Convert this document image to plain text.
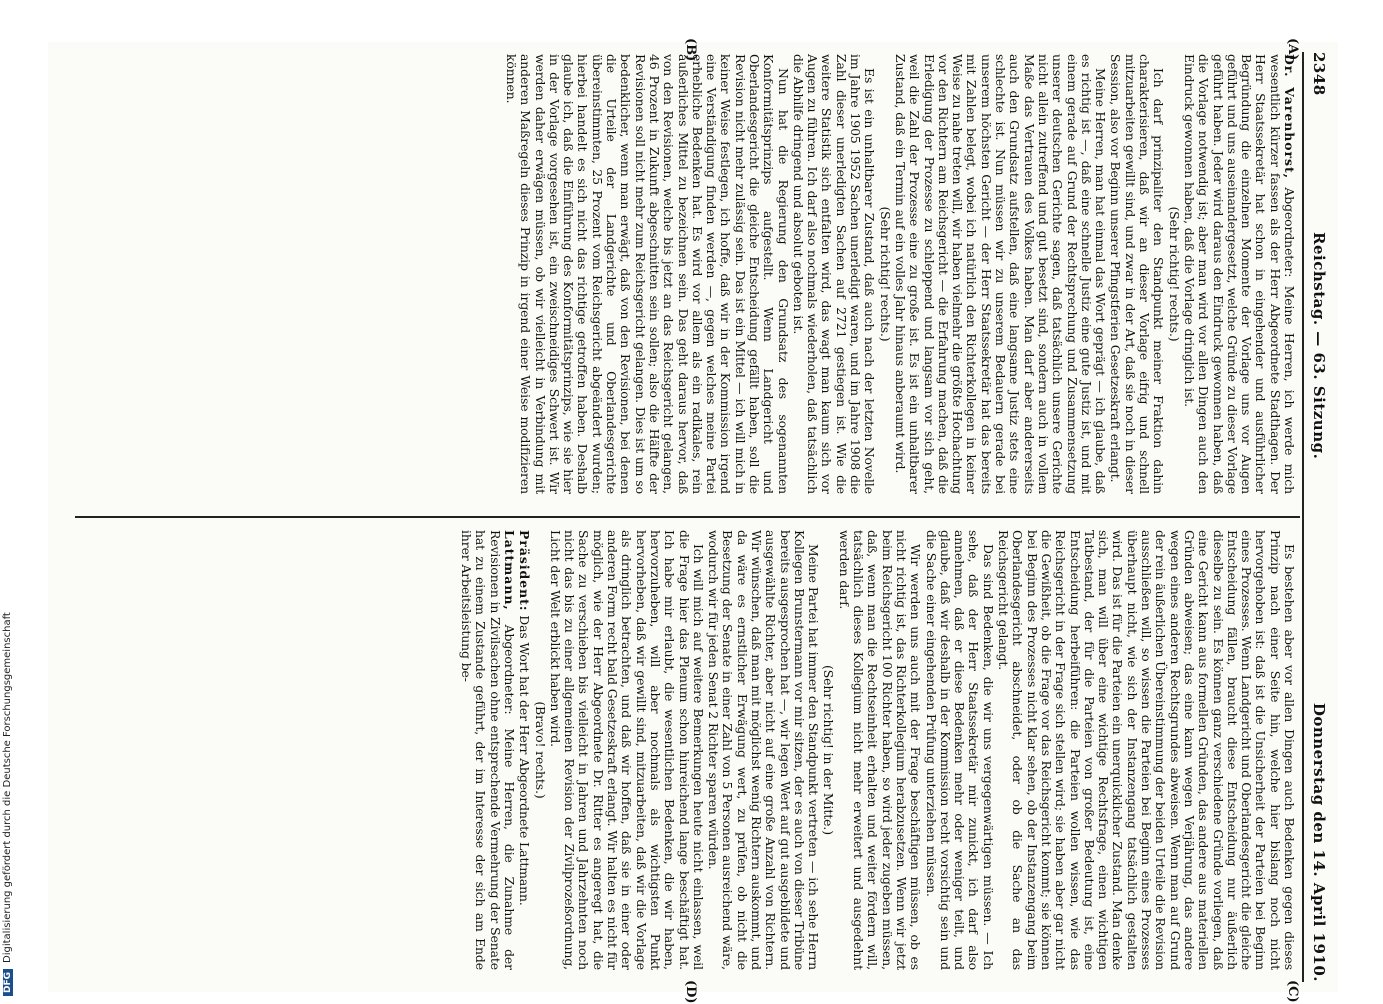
2348
Reichstag. — 63. Sitzung.
Donnerstag den 14. April 1910.
(A)
(B)
(C)
(D)

Dr. Varenhorst, Abgeordneter: Meine Herren, ich werde mich wesentlich kürzer fassen als der Herr Abgeordnete Stadthagen. Der Herr Staatssekretär hat schon in eingehender und ausführlicher Begründung die einzelnen Momente der Vorlage uns vor Augen geführt und uns auseinandergesetzt, welche Gründe zu dieser Vorlage geführt haben. Jeder wird daraus den Eindruck gewonnen haben, daß die Vorlage notwendig ist; aber man wird vor allen Dingen auch den Eindruck gewonnen haben, daß die Vorlage dringlich ist.

(Sehr richtig! rechts.)

Ich darf prinzipaliter den Standpunkt meiner Fraktion dahin charakterisieren, daß wir an dieser Vorlage eifrig und schnell mitzuarbeiten gewillt sind, und zwar in der Art, daß sie noch in dieser Session, also vor Beginn unserer Pfingstferien Gesetzeskraft erlangt.

Meine Herren, man hat einmal das Wort geprägt — ich glaube, daß es richtig ist —, daß eine schnelle Justiz eine gute Justiz ist, und mit einem gerade auf Grund der Rechtsprechung und Zusammensetzung unserer deutschen Gerichte sagen, daß tatsächlich unsere Gerichte nicht allein zutreffend und gut besetzt sind, sondern auch in vollem Maße das Vertrauen des Volkes haben. Man darf aber andererseits auch den Grundsatz aufstellen, daß eine langsame Justiz stets eine schlechte ist. Nun müssen wir zu unserem Bedauern gerade bei unserem höchsten Gericht — der Herr Staatssekretär hat das bereits mit Zahlen belegt, wobei ich natürlich den Richterkollegen in keiner Weise zu nahe treten will, wir haben vielmehr die größte Hochachtung vor den Richtern am Reichsgericht — die Erfahrung machen, daß die Erledigung der Prozesse zu schleppend und langsam vor sich geht, weil die Zahl der Prozesse eine zu große ist. Es ist ein unhaltbarer Zustand, daß ein Termin auf ein volles Jahr hinaus anberaumt wird.

(Sehr richtig! rechts.)

Es ist ein unhaltbarer Zustand, daß auch nach der letzten Novelle im Jahre 1905 1952 Sachen unerledigt waren, und im Jahre 1908 die Zahl dieser unerledigten Sachen auf 2721 gestiegen ist. Wie die weitere Statistik sich entfalten wird, das wagt man kaum sich vor Augen zu führen. Ich darf also nochmals wiederholen, daß tatsächlich die Abhilfe dringend und absolut geboten ist.

Nun hat die Regierung den Grundsatz des sogenannten Konformitätsprinzips aufgestellt. Wenn Landgericht und Oberlandesgericht die gleiche Entscheidung gefällt haben, soll die Revision nicht mehr zulässig sein. Das ist ein Mittel — ich will mich in keiner Weise festlegen, ich hoffe, daß wir in der Kommission irgend eine Verständigung finden werden —, gegen welches meine Partei erhebliche Bedenken hat. Es wird vor allem als ein radikales, rein äußerliches Mittel zu bezeichnen sein. Das geht daraus hervor, daß von den Revisionen, welche bis jetzt an das Reichsgericht gelangen, 46 Prozent in Zukunft abgeschnitten sein sollen; also die Hälfte der Revisionen soll nicht mehr zum Reichsgericht gelangen. Dies ist um so bedenklicher, wenn man erwägt, daß von den Revisionen, bei denen die Urteile der Landgerichte und Oberlandesgerichte übereinstimmten, 25 Prozent vom Reichsgericht abgeändert wurden; hierbei handelt es sich nicht das richtige getroffen haben. Deshalb glaube ich, daß die Einführung des Konformitätsprinzips, wie sie hier in der Vorlage vorgesehen ist, ein zweischneidiges Schwert ist. Wir werden daher erwägen müssen, ob wir vielleicht in Verbindung mit anderen Maßregeln dieses Prinzip in irgend einer Weise modifizieren können.

Es bestehen aber vor allen Dingen auch Bedenken gegen dieses Prinzip nach einer Seite hin, welche hier bislang noch nicht hervorgehoben ist: daß ist die Unsicherheit der Parteien bei Beginn eines Prozesses. Wenn Landgericht und Oberlandesgericht die gleiche Entscheidung fällen, braucht diese Entscheidung nur äußerlich dieselbe zu sein. Es können ganz verschiedene Gründe vorliegen, daß eine Gericht kann aus formellen Gründen, das andere aus materiellen Gründen abweisen; das eine kann wegen Verjährung, das andere wegen eines anderen Rechtsgrundes abweisen. Wenn man auf Grund der rein äußerlichen Übereinstimmung der beiden Urteile die Revision ausschließen will, so wissen die Parteien bei Beginn eines Prozesses überhaupt nicht, wie sich der Instanzengang tatsächlich gestalten wird. Das ist für die Parteien ein unerquicklicher Zustand. Man denke sich, man will über eine wichtige Rechtsfrage, einen wichtigen Tatbestand, der für die Parteien von großer Bedeutung ist, eine Entscheidung herbeiführen: die Parteien wollen wissen, wie das Reichsgericht in der Frage sich stellen wird; sie haben aber gar nicht die Gewißheit, ob die Frage vor das Reichsgericht kommt; sie können bei Beginn des Prozesses nicht klar sehen, ob der Instanzengang beim Oberlandesgericht abschneidet, oder ob die Sache an das Reichsgericht gelangt.

Das sind Bedenken, die wir uns vergegenwärtigen müssen. — Ich sehe, daß der Herr Staatssekretär mir zunickt, ich darf also annehmen, daß er diese Bedenken mehr oder weniger teilt, und glaube, daß wir deshalb in der Kommission recht vorsichtig sein und die Sache einer eingehenden Prüfung unterziehen müssen.

Wir werden uns auch mit der Frage beschäftigen müssen, ob es nicht richtig ist, das Richterkollegium herabzusetzen. Wenn wir jetzt beim Reichsgericht 100 Richter haben, so wird jeder zugeben müssen, daß, wenn man die Rechtseinheit erhalten und weiter fördern will, tatsächlich dieses Kollegium nicht mehr erweitert und ausgedehnt werden darf.

(Sehr richtig! in der Mitte.)

Meine Partei hat immer den Standpunkt vertreten — ich sehe Herrn Kollegen Brunstermann vor mir sitzen, der es auch von dieser Tribüne bereits ausgesprochen hat —, wir legen Wert auf gut ausgebildete und ausgewählte Richter, aber nicht auf eine große Anzahl von Richtern. Wir wünschen, daß man mit möglichst wenig Richtern auskommt, und da wäre es ernstlicher Erwägung wert, zu prüfen, ob nicht die Besetzung der Senate in einer Zahl von 5 Personen ausreichend wäre, wodurch wir für jeden Senat 2 Richter sparen würden.

Ich will mich auf weitere Bemerkungen heute nicht einlassen, weil die Frage hier das Plenum schon hinreichend lange beschäftigt hat. Ich habe mir erlaubt, die wesentlichen Bedenken, die wir haben, hervorzuheben, will aber nochmals als wichtigsten Punkt hervorheben, daß wir gewillt sind, mitzuarbeiten, daß wir die Vorlage als dringlich betrachten, und daß wir hoffen, daß sie in einer oder anderen Form recht bald Gesetzeskraft erlangt. Wir halten es nicht für möglich, wie der Herr Abgeordnete Dr. Ritter es angeregt hat, die Sache zu verschieben bis vielleicht in Jahren und Jahrzehnten noch nicht das bis zu einer allgemeinen Revision der Zivilprozeßordnung, Licht der Welt erblickt haben wird.

(Bravo! rechts.)

Präsident: Das Wort hat der Herr Abgeordnete Lattmann.

Lattmann, Abgeordneter: Meine Herren, die Zunahme der Revisionen in Zivilsachen ohne entsprechende Vermehrung der Senate hat zu einem Zustande geführt, der im Interesse der sich am Ende ihrer Arbeitsleistung be-

DFGDigitalisierung gefördert durch die Deutsche Forschungsgemeinschaft
